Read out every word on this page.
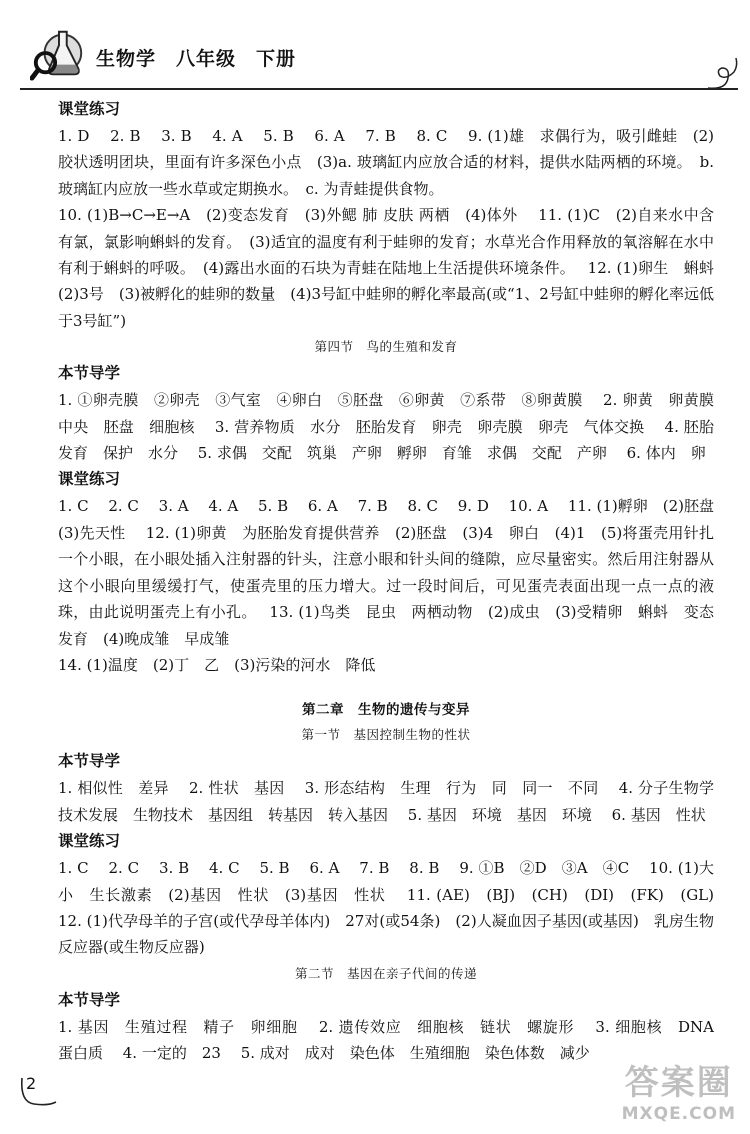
生物学　八年级　下册
课堂练习
1. D　 2. B　 3. B　 4. A　 5. B　 6. A　 7. B　 8. C　 9. (1)雄　求偶行为，吸引雌蛙　(2)胶状透明团块，里面有许多深色小点　(3)a. 玻璃缸内应放合适的材料，提供水陆两栖的环境。　b. 玻璃缸内应放一些水草或定期换水。　c. 为青蛙提供食物。
10. (1)B→C→E→A　(2)变态发育　(3)外鳃 肺 皮肤 两栖　(4)体外　 11. (1)C　(2)自来水中含有氯，氯影响蝌蚪的发育。　(3)适宜的温度有利于蛙卵的发育；水草光合作用释放的氧溶解在水中有利于蝌蚪的呼吸。　(4)露出水面的石块为青蛙在陆地上生活提供环境条件。　 12. (1)卵生　蝌蚪　(2)3号　(3)被孵化的蛙卵的数量　(4)3号缸中蛙卵的孵化率最高(或“1、2号缸中蛙卵的孵化率远低于3号缸”)
第四节　鸟的生殖和发育
本节导学
1. ①卵壳膜　②卵壳　③气室　④卵白　⑤胚盘　⑥卵黄　⑦系带　⑧卵黄膜　 2. 卵黄　卵黄膜　中央　胚盘　细胞核　 3. 营养物质　水分　胚胎发育　卵壳　卵壳膜　卵壳　气体交换　 4. 胚胎发育　保护　水分　 5. 求偶　交配　筑巢　产卵　孵卵　育雏　求偶　交配　产卵　 6. 体内　卵
课堂练习
1. C　 2. C　 3. A　 4. A　 5. B　 6. A　 7. B　 8. C　 9. D　 10. A　 11. (1)孵卵　(2)胚盘　(3)先天性　 12. (1)卵黄　为胚胎发育提供营养　(2)胚盘　(3)4　卵白　(4)1　(5)将蛋壳用针扎一个小眼，在小眼处插入注射器的针头，注意小眼和针头间的缝隙，应尽量密实。然后用注射器从这个小眼向里缓缓打气，使蛋壳里的压力增大。过一段时间后，可见蛋壳表面出现一点一点的液珠，由此说明蛋壳上有小孔。　 13. (1)鸟类　昆虫　两栖动物　(2)成虫　(3)受精卵　蝌蚪　变态发育　(4)晚成雏　早成雏
14. (1)温度　(2)丁　乙　(3)污染的河水　降低
第二章　生物的遗传与变异
第一节　基因控制生物的性状
本节导学
1. 相似性　差异　 2. 性状　基因　 3. 形态结构　生理　行为　同　同一　不同　 4. 分子生物学技术发展　生物技术　基因组　转基因　转入基因　 5. 基因　环境　基因　环境　 6. 基因　性状
课堂练习
1. C　 2. C　 3. B　 4. C　 5. B　 6. A　 7. B　 8. B　 9. ①B　②D　③A　④C　 10. (1)大小　生长激素　(2)基因　性状　(3)基因　性状　 11. (AE)　(BJ)　(CH)　(DI)　(FK)　(GL)　 12. (1)代孕母羊的子宫(或代孕母羊体内)　27对(或54条)　(2)人凝血因子基因(或基因)　乳房生物反应器(或生物反应器)
第二节　基因在亲子代间的传递
本节导学
1. 基因　生殖过程　精子　卵细胞　 2. 遗传效应　细胞核　链状　螺旋形　 3. 细胞核　DNA　蛋白质　 4. 一定的　23　 5. 成对　成对　染色体　生殖细胞　染色体数　减少
2	答案圈
MXQE.COM
